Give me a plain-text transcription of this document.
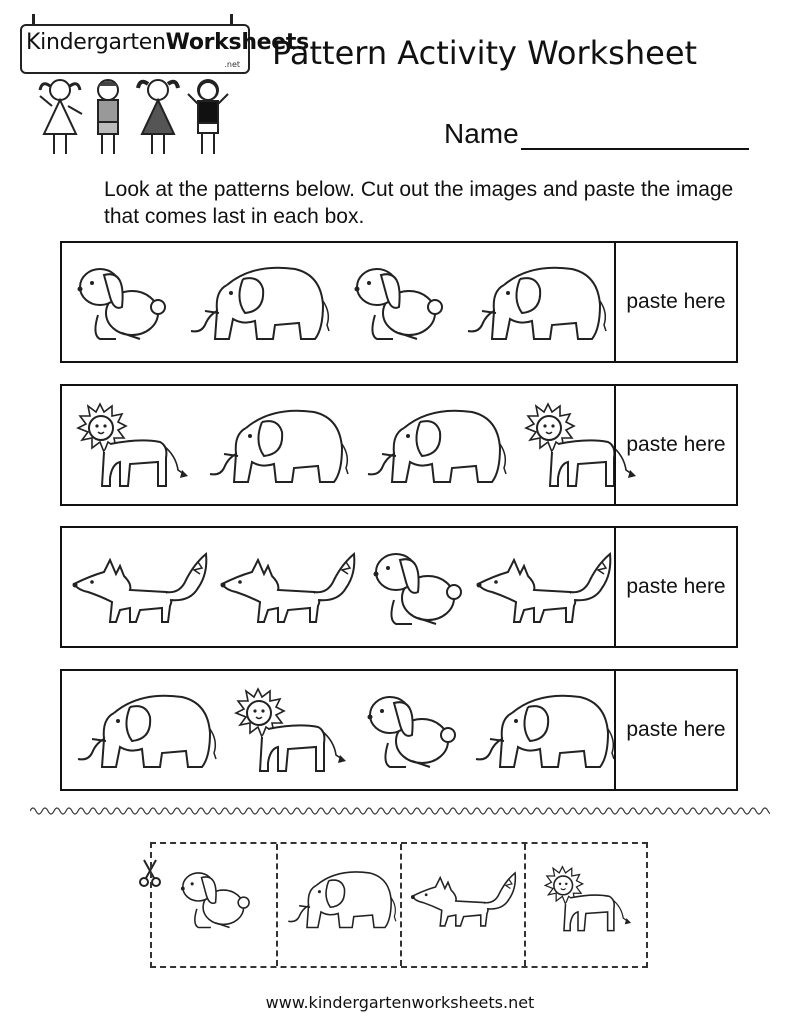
KindergartenWorksheets
.net Pattern Activity Worksheet
Name
Look at the patterns below. Cut out the images and paste the image that comes last in each box.
paste here
paste here
paste here
paste here
www.kindergartenworksheets.net
